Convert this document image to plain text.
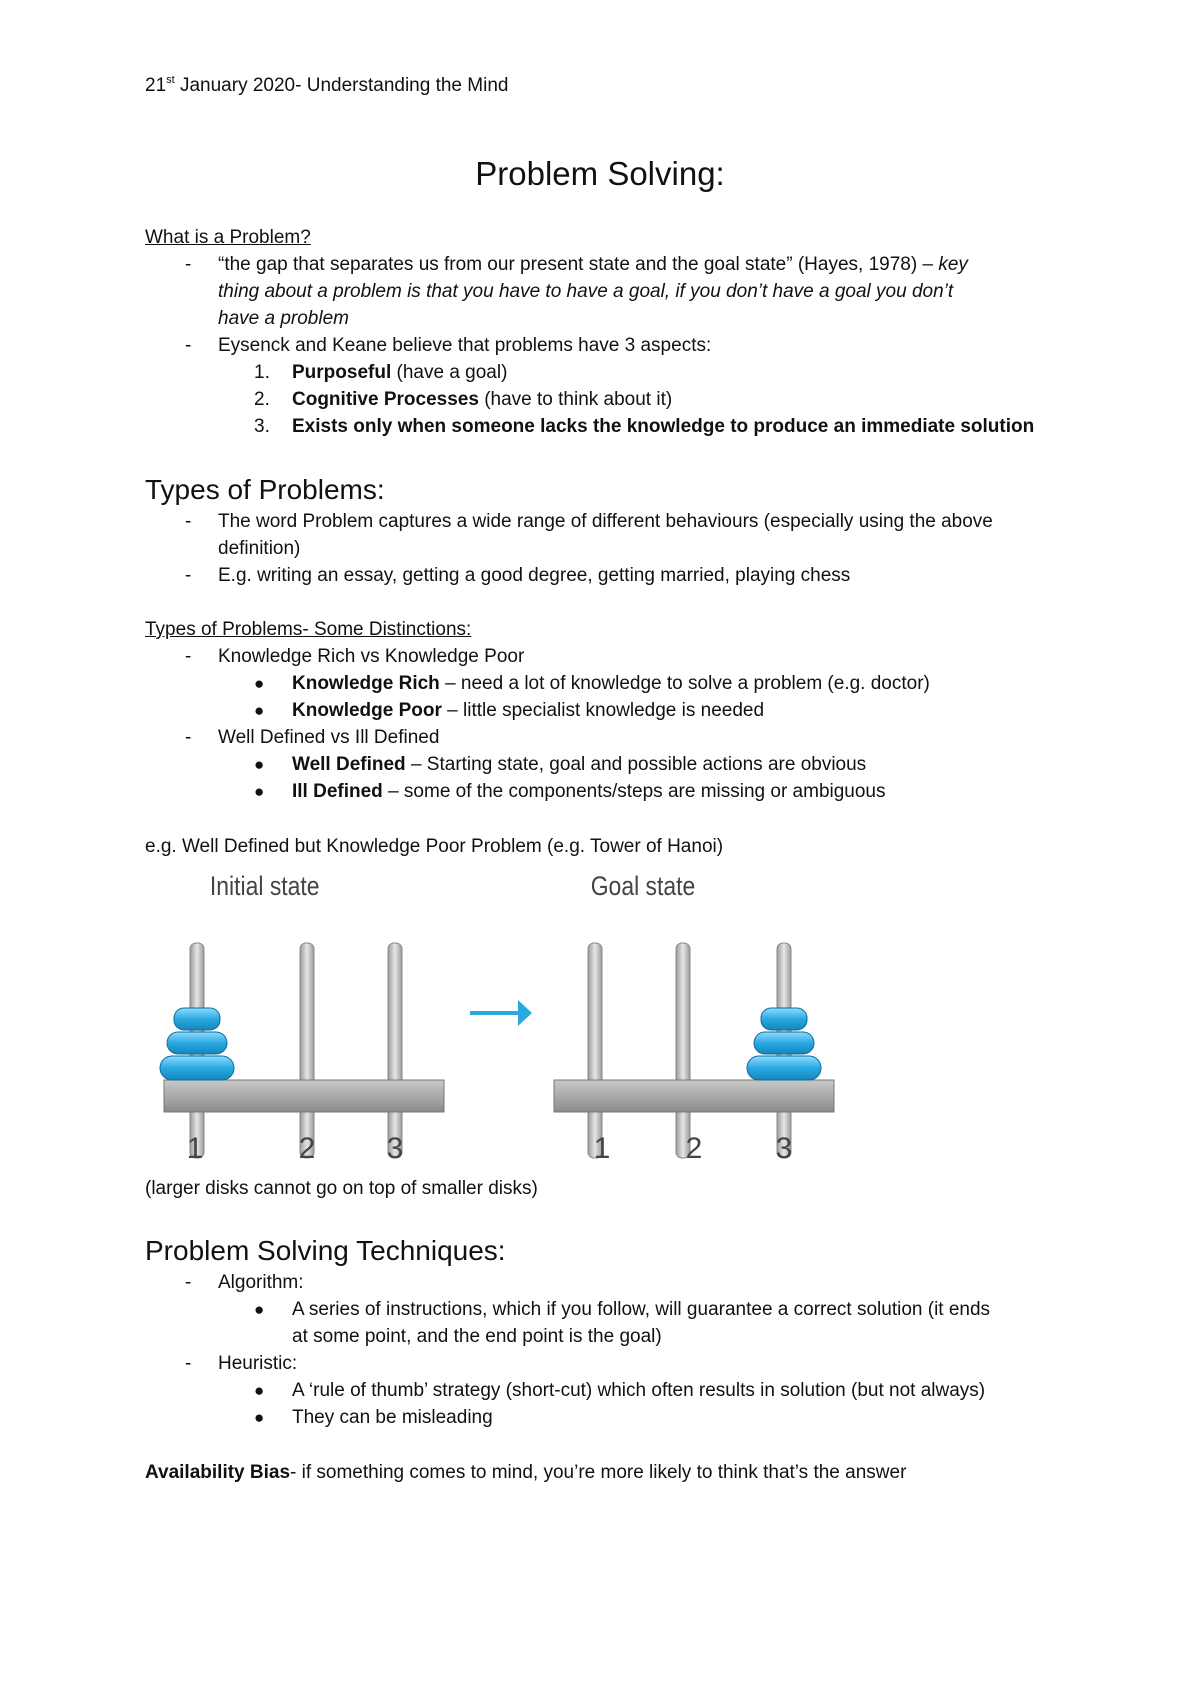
21st January 2020- Understanding the Mind
Problem Solving:
What is a Problem?
- “the gap that separates us from our present state and the goal state” (Hayes, 1978) – key
thing about a problem is that you have to have a goal, if you don’t have a goal you don’t
have a problem
- Eysenck and Keane believe that problems have 3 aspects:
1. Purposeful (have a goal)
2. Cognitive Processes (have to think about it)
3. Exists only when someone lacks the knowledge to produce an immediate solution
Types of Problems:
- The word Problem captures a wide range of different behaviours (especially using the above
definition)
- E.g. writing an essay, getting a good degree, getting married, playing chess
Types of Problems- Some Distinctions:
- Knowledge Rich vs Knowledge Poor
● Knowledge Rich – need a lot of knowledge to solve a problem (e.g. doctor)
● Knowledge Poor – little specialist knowledge is needed
- Well Defined vs Ill Defined
● Well Defined – Starting state, goal and possible actions are obvious
● Ill Defined – some of the components/steps are missing or ambiguous
e.g. Well Defined but Knowledge Poor Problem (e.g. Tower of Hanoi)
Initial state	Goal state
1	2 3	1	2 3
(larger disks cannot go on top of smaller disks)
Problem Solving Techniques:
- Algorithm:
● A series of instructions, which if you follow, will guarantee a correct solution (it ends
at some point, and the end point is the goal)
- Heuristic:
● A ‘rule of thumb’ strategy (short-cut) which often results in solution (but not always)
● They can be misleading
Availability Bias- if something comes to mind, you’re more likely to think that’s the answer
